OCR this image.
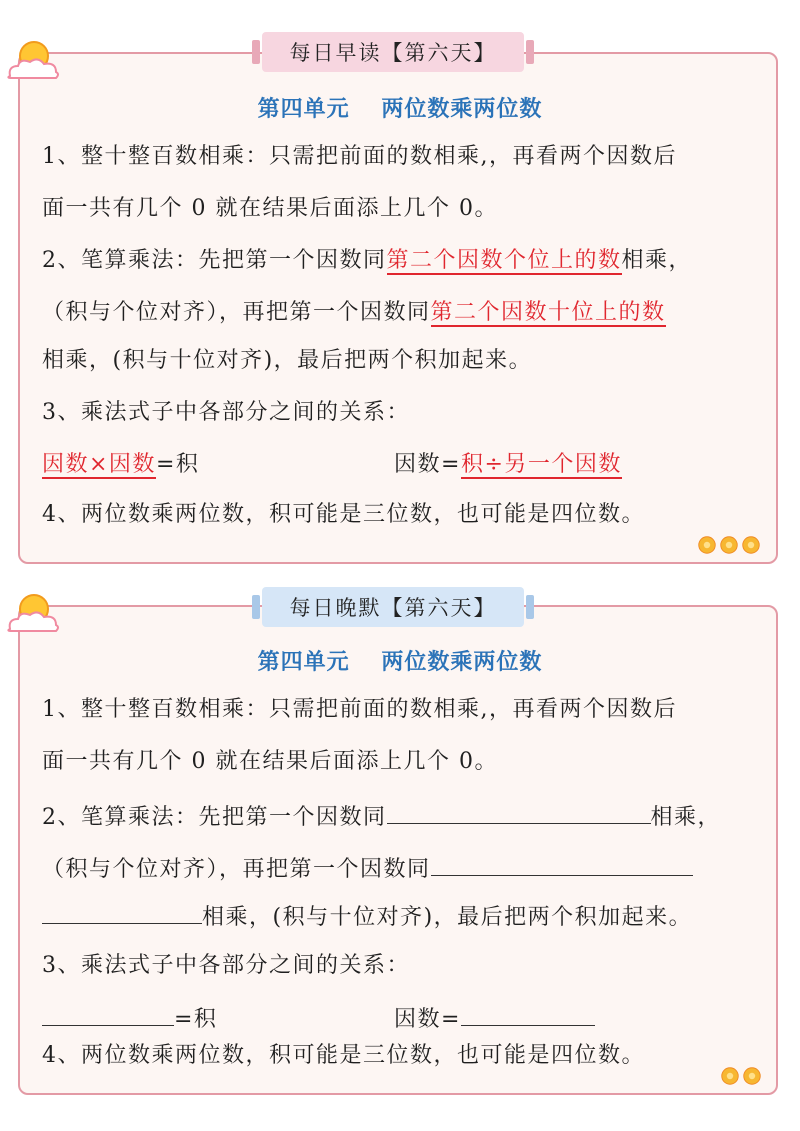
第四单元　 两位数乘两位数
1、整十整百数相乘：只需把前面的数相乘,，再看两个因数后
面一共有几个 0 就在结果后面添上几个 0。
2、笔算乘法：先把第一个因数同第二个因数个位上的数相乘，
（积与个位对齐），再把第一个因数同第二个因数十位上的数
相乘，(积与十位对齐)，最后把两个积加起来。
3、乘法式子中各部分之间的关系：
因数×因数=积	因数=积÷另一个因数
4、两位数乘两位数，积可能是三位数，也可能是四位数。
每日早读【第六天】
第四单元　 两位数乘两位数
1、整十整百数相乘：只需把前面的数相乘,，再看两个因数后
面一共有几个 0 就在结果后面添上几个 0。
2、笔算乘法：先把第一个因数同	相乘，
（积与个位对齐），再把第一个因数同
相乘，(积与十位对齐)，最后把两个积加起来。
3、乘法式子中各部分之间的关系：
=积	因数=
4、两位数乘两位数，积可能是三位数，也可能是四位数。
每日晚默【第六天】
